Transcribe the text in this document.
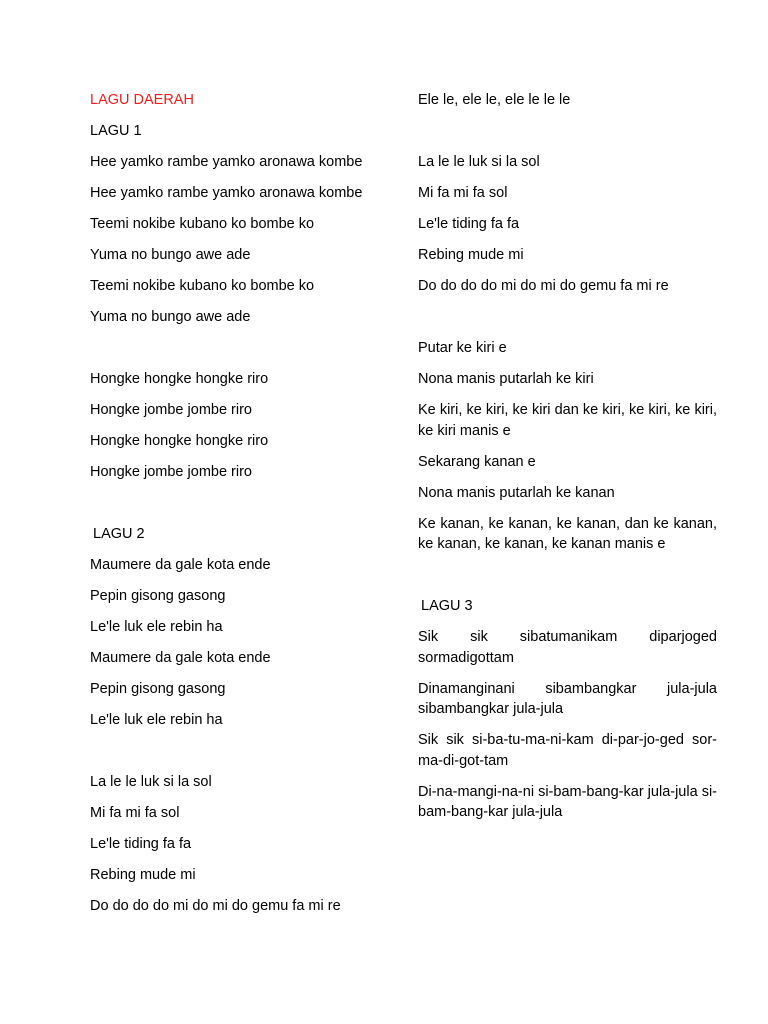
LAGU DAERAH
LAGU 1
Hee yamko rambe yamko aronawa kombe
Hee yamko rambe yamko aronawa kombe
Teemi nokibe kubano ko bombe ko
Yuma no bungo awe ade
Teemi nokibe kubano ko bombe ko
Yuma no bungo awe ade
Hongke hongke hongke riro
Hongke jombe jombe riro
Hongke hongke hongke riro
Hongke jombe jombe riro
LAGU 2
Maumere da gale kota ende
Pepin gisong gasong
Le'le luk ele rebin ha
Maumere da gale kota ende
Pepin gisong gasong
Le'le luk ele rebin ha
La le le luk si la sol
Mi fa mi fa sol
Le'le tiding fa fa
Rebing mude mi
Do do do do mi do mi do gemu fa mi re
Ele le, ele le, ele le le le
La le le luk si la sol
Mi fa mi fa sol
Le'le tiding fa fa
Rebing mude mi
Do do do do mi do mi do gemu fa mi re
Putar ke kiri e
Nona manis putarlah ke kiri
Ke kiri, ke kiri, ke kiri dan ke kiri, ke kiri, ke kiri, ke kiri manis e
Sekarang kanan e
Nona manis putarlah ke kanan
Ke kanan, ke kanan, ke kanan, dan ke kanan, ke kanan, ke kanan, ke kanan manis e
LAGU 3
Sik sik sibatumanikam diparjoged sormadigottam
Dinamanginani sibambangkar jula-jula sibambangkar jula-jula
Sik sik si-ba-tu-ma-ni-kam di-par-jo-ged sor-ma-di-got-tam
Di-na-mangi-na-ni si-bam-bang-kar jula-jula si-bam-bang-kar jula-jula
